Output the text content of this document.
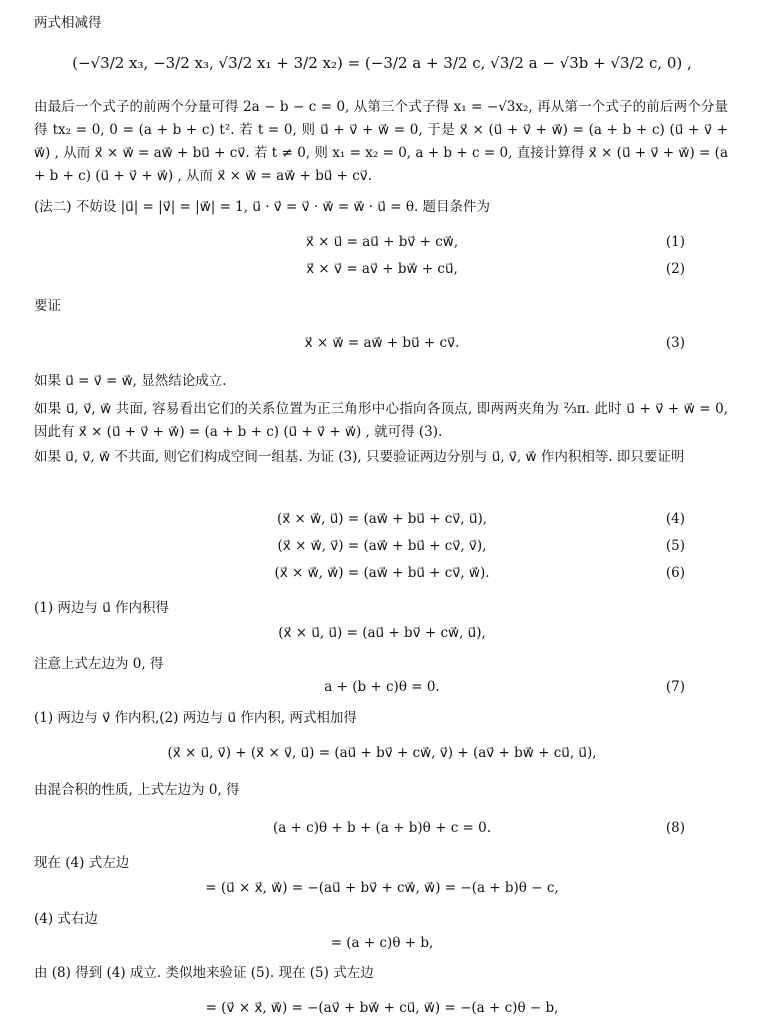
两式相减得
(−√3/2 x₃, −3/2 x₃, √3/2 x₁ + 3/2 x₂) = (−3/2 a + 3/2 c, √3/2 a − √3b + √3/2 c, 0) ,
由最后一个式子的前两个分量可得 2a − b − c = 0, 从第三个式子得 x₁ = −√3x₂, 再从第一个式子的前后两个分量得 tx₂ = 0, 0 = (a + b + c) t². 若 t = 0, 则 u⃗ + v⃗ + w⃗ = 0, 于是 x⃗ × (u⃗ + v⃗ + w⃗) = (a + b + c) (u⃗ + v⃗ + w⃗) , 从而 x⃗ × w⃗ = aw⃗ + bu⃗ + cv⃗. 若 t ≠ 0, 则 x₁ = x₂ = 0, a + b + c = 0, 直接计算得 x⃗ × (u⃗ + v⃗ + w⃗) = (a + b + c) (u⃗ + v⃗ + w⃗) , 从而 x⃗ × w⃗ = aw⃗ + bu⃗ + cv⃗.
(法二) 不妨设 |u⃗| = |v⃗| = |w⃗| = 1, u⃗ · v⃗ = v⃗ · w⃗ = w⃗ · u⃗ = θ. 题目条件为
x⃗ × u⃗ = au⃗ + bv⃗ + cw⃗,	(1)
x⃗ × v⃗ = av⃗ + bw⃗ + cu⃗,	(2)
要证
x⃗ × w⃗ = aw⃗ + bu⃗ + cv⃗.	(3)
如果 u⃗ = v⃗ = w⃗, 显然结论成立.
如果 u⃗, v⃗, w⃗ 共面, 容易看出它们的关系位置为正三角形中心指向各顶点, 即两两夹角为 ⅔π. 此时 u⃗ + v⃗ + w⃗ = 0, 因此有 x⃗ × (u⃗ + v⃗ + w⃗) = (a + b + c) (u⃗ + v⃗ + w⃗) , 就可得 (3).
如果 u⃗, v⃗, w⃗ 不共面, 则它们构成空间一组基. 为证 (3), 只要验证两边分别与 u⃗, v⃗, w⃗ 作内积相等. 即只要证明
(x⃗ × w⃗, u⃗) = (aw⃗ + bu⃗ + cv⃗, u⃗),	(4)
(x⃗ × w⃗, v⃗) = (aw⃗ + bu⃗ + cv⃗, v⃗),	(5)
(x⃗ × w⃗, w⃗) = (aw⃗ + bu⃗ + cv⃗, w⃗).	(6)
(1) 两边与 u⃗ 作内积得
(x⃗ × u⃗, u⃗) = (au⃗ + bv⃗ + cw⃗, u⃗),
注意上式左边为 0, 得
a + (b + c)θ = 0.	(7)
(1) 两边与 v⃗ 作内积,(2) 两边与 u⃗ 作内积, 两式相加得
(x⃗ × u⃗, v⃗) + (x⃗ × v⃗, u⃗) = (au⃗ + bv⃗ + cw⃗, v⃗) + (av⃗ + bw⃗ + cu⃗, u⃗),
由混合积的性质, 上式左边为 0, 得
(a + c)θ + b + (a + b)θ + c = 0.	(8)
现在 (4) 式左边
= (u⃗ × x⃗, w⃗) = −(au⃗ + bv⃗ + cw⃗, w⃗) = −(a + b)θ − c,
(4) 式右边
= (a + c)θ + b,
由 (8) 得到 (4) 成立. 类似地来验证 (5). 现在 (5) 式左边
= (v⃗ × x⃗, w⃗) = −(av⃗ + bw⃗ + cu⃗, w⃗) = −(a + c)θ − b,
